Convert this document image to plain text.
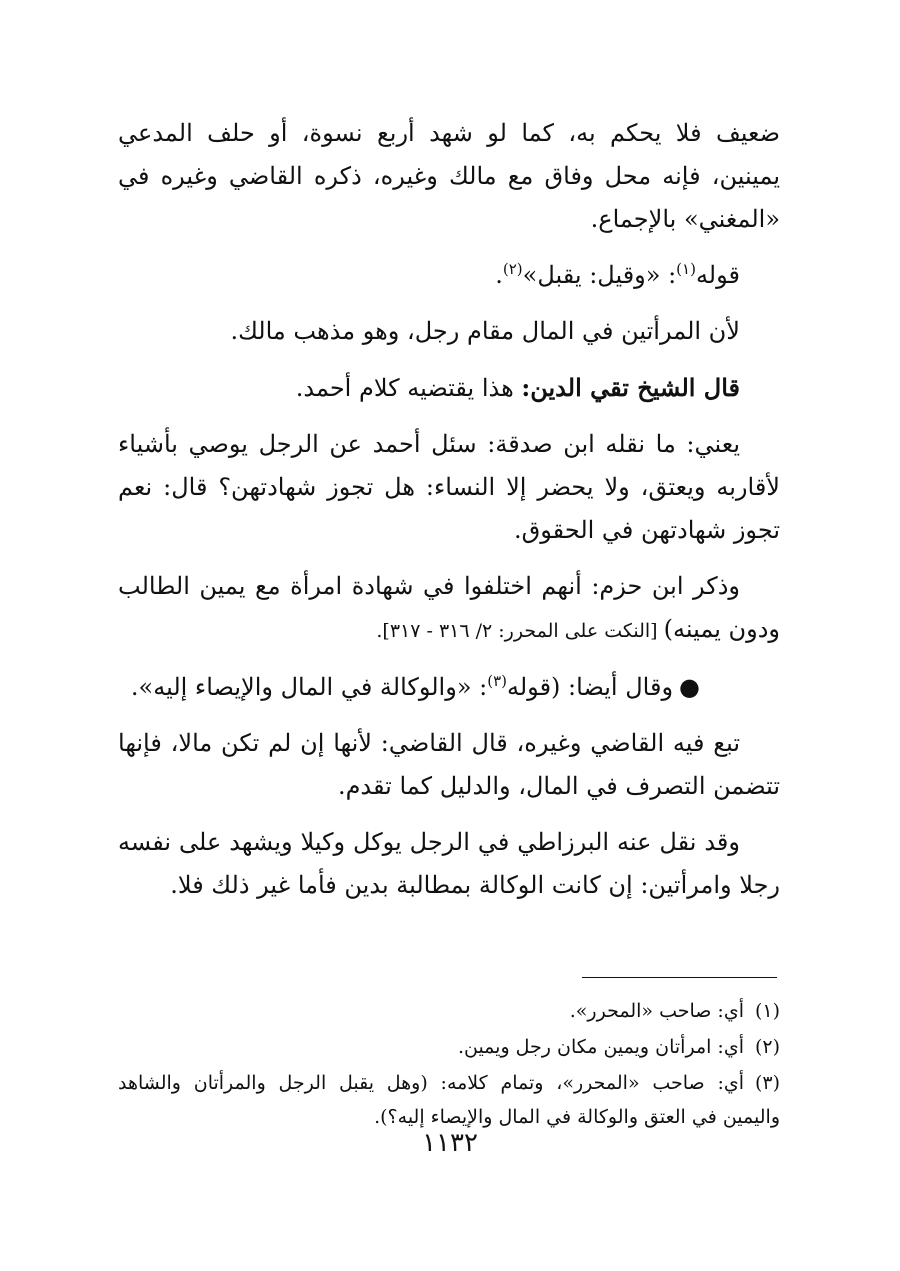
ضعيف فلا يحكم به، كما لو شهد أربع نسوة، أو حلف المدعي يمينين، فإنه محل وفاق مع مالك وغيره، ذكره القاضي وغيره في «المغني» بالإجماع.

قوله$^{(١)}$: «وقيل: يقبل»$^{(٢)}$.

لأن المرأتين في المال مقام رجل، وهو مذهب مالك.

قال الشيخ تقي الدين: هذا يقتضيه كلام أحمد.

يعني: ما نقله ابن صدقة: سئل أحمد عن الرجل يوصي بأشياء لأقاربه ويعتق، ولا يحضر إلا النساء: هل تجوز شهادتهن؟ قال: نعم تجوز شهادتهن في الحقوق.

وذكر ابن حزم: أنهم اختلفوا في شهادة امرأة مع يمين الطالب ودون يمينه) [النكت على المحرر: ٢/ ٣١٦ - ٣١٧].

●وقال أيضا: (قوله$^{(٣)}$: «والوكالة في المال والإيصاء إليه».

تبع فيه القاضي وغيره، قال القاضي: لأنها إن لم تكن مالا، فإنها تتضمن التصرف في المال، والدليل كما تقدم.

وقد نقل عنه البرزاطي في الرجل يوكل وكيلا ويشهد على نفسه رجلا وامرأتين: إن كانت الوكالة بمطالبة بدين فأما غير ذلك فلا.

(١)أي: صاحب «المحرر».

(٢)أي: امرأتان ويمين مكان رجل ويمين.

(٣)أي: صاحب «المحرر»، وتمام كلامه: (وهل يقبل الرجل والمرأتان والشاهد واليمين في العتق والوكالة في المال والإيصاء إليه؟).

١١٣٢
